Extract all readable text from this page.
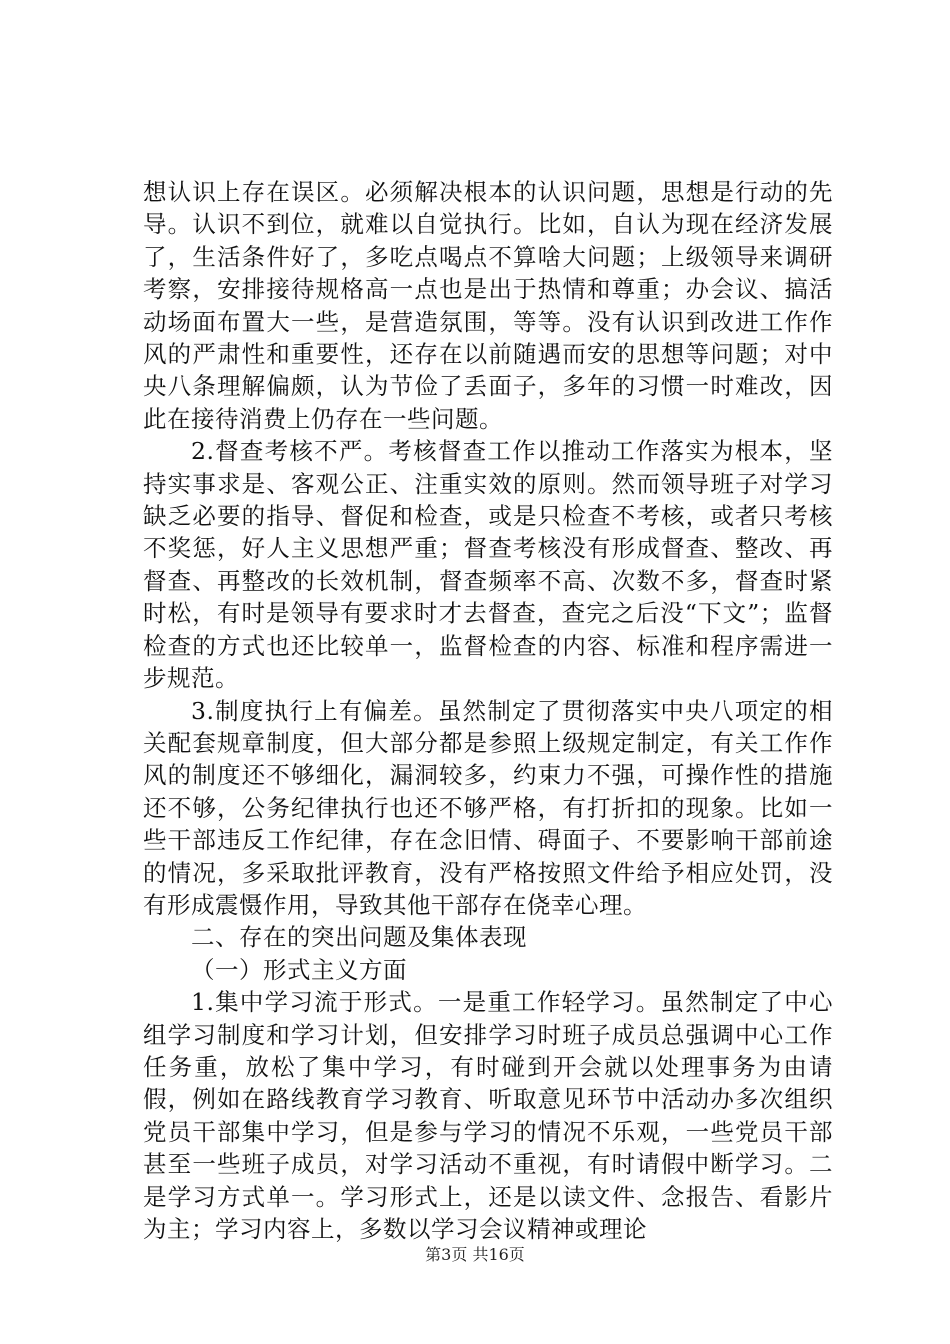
想认识上存在误区。必须解决根本的认识问题，思想是行动的先导。认识不到位，就难以自觉执行。比如，自认为现在经济发展了，生活条件好了，多吃点喝点不算啥大问题；上级领导来调研考察，安排接待规格高一点也是出于热情和尊重；办会议、搞活动场面布置大一些，是营造氛围，等等。没有认识到改进工作作风的严肃性和重要性，还存在以前随遇而安的思想等问题；对中央八条理解偏颇，认为节俭了丢面子，多年的习惯一时难改，因此在接待消费上仍存在一些问题。

2.督查考核不严。考核督查工作以推动工作落实为根本，坚持实事求是、客观公正、注重实效的原则。然而领导班子对学习缺乏必要的指导、督促和检查，或是只检查不考核，或者只考核不奖惩，好人主义思想严重；督查考核没有形成督查、整改、再督查、再整改的长效机制，督查频率不高、次数不多，督查时紧时松，有时是领导有要求时才去督查，查完之后没“下文”；监督检查的方式也还比较单一，监督检查的内容、标准和程序需进一步规范。

3.制度执行上有偏差。虽然制定了贯彻落实中央八项定的相关配套规章制度，但大部分都是参照上级规定制定，有关工作作风的制度还不够细化，漏洞较多，约束力不强，可操作性的措施还不够，公务纪律执行也还不够严格，有打折扣的现象。比如一些干部违反工作纪律，存在念旧情、碍面子、不要影响干部前途的情况，多采取批评教育，没有严格按照文件给予相应处罚，没有形成震慑作用，导致其他干部存在侥幸心理。

二、存在的突出问题及集体表现

（一）形式主义方面

1.集中学习流于形式。一是重工作轻学习。虽然制定了中心组学习制度和学习计划，但安排学习时班子成员总强调中心工作任务重，放松了集中学习，有时碰到开会就以处理事务为由请假，例如在路线教育学习教育、听取意见环节中活动办多次组织党员干部集中学习，但是参与学习的情况不乐观，一些党员干部甚至一些班子成员，对学习活动不重视，有时请假中断学习。二是学习方式单一。学习形式上，还是以读文件、念报告、看影片为主；学习内容上，多数以学习会议精神或理论

第3页 共16页
